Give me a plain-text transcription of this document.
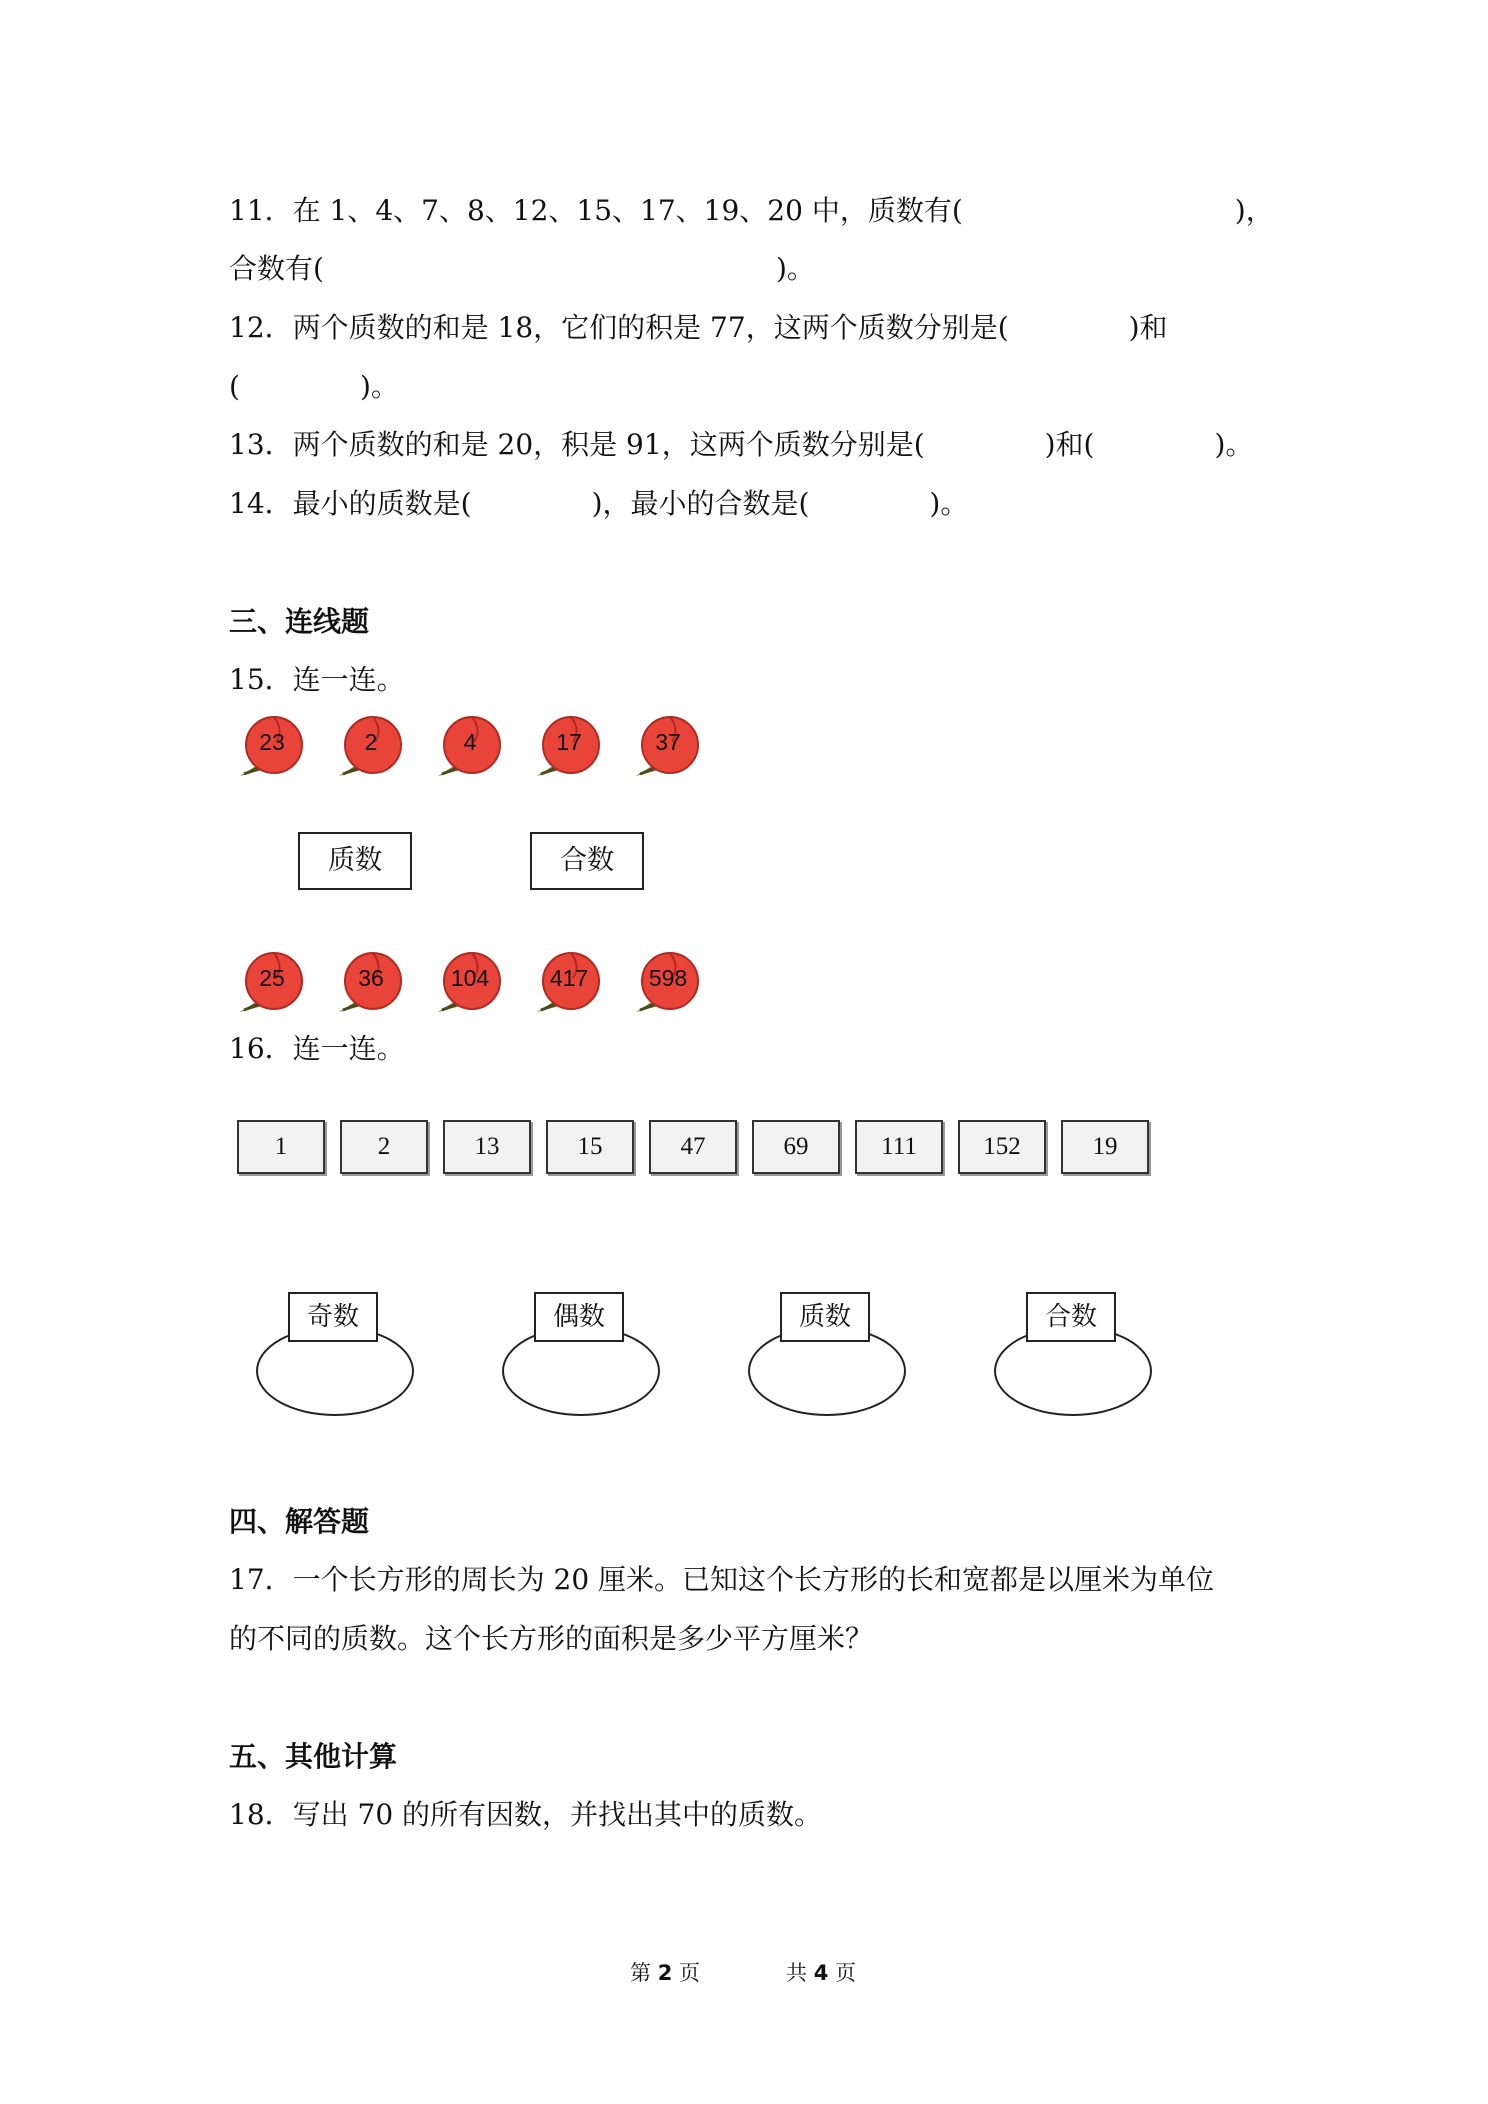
11．在 1、4、7、8、12、15、17、19、20 中，质数有(	)，
合数有(	)。
12．两个质数的和是 18，它们的积是 77，这两个质数分别是(	)和
(	)。
13．两个质数的和是 20，积是 91，这两个质数分别是(	)和(	)。
14．最小的质数是(	)，最小的合数是(	)。
三、连线题
15．连一连。
23	2	4	17	37
质数	合数
25	36	104	417	598
16．连一连。
1	2	13	15	47	69	111	152	19
奇数	偶数	质数	合数
四、解答题
17．一个长方形的周长为 20 厘米。已知这个长方形的长和宽都是以厘米为单位
的不同的质数。这个长方形的面积是多少平方厘米？
五、其他计算
18．写出 70 的所有因数，并找出其中的质数。
第 2 页	共 4 页
